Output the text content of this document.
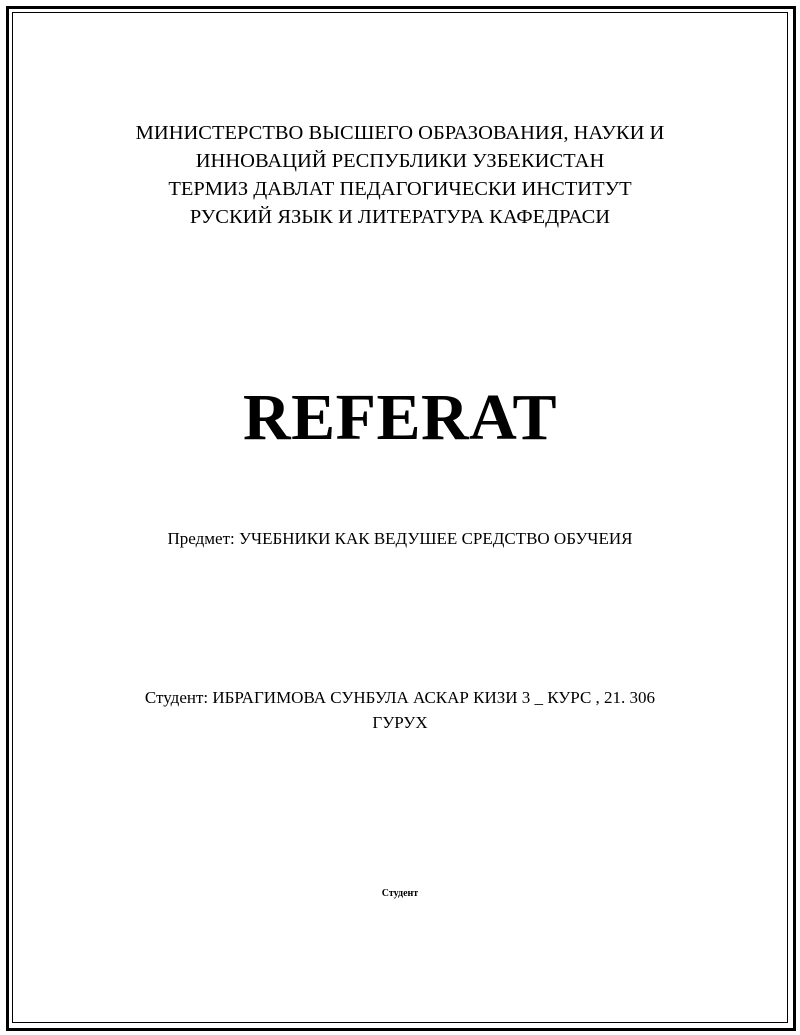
МИНИСТЕРСТВО ВЫСШЕГО ОБРАЗОВАНИЯ, НАУКИ И
ИННОВАЦИЙ РЕСПУБЛИКИ УЗБЕКИСТАН
ТЕРМИЗ ДАВЛАТ ПЕДАГОГИЧЕСКИ ИНСТИТУТ
РУСКИЙ ЯЗЫК И ЛИТЕРАТУРА КАФЕДРАСИ
REFERAT
Предмет: УЧЕБНИКИ КАК ВЕДУШЕЕ СРЕДСТВО ОБУЧЕИЯ
Студент: ИБРАГИМОВА СУНБУЛА АСКАР КИЗИ 3 _ КУРС , 21. 306
ГУРУХ
Студент
